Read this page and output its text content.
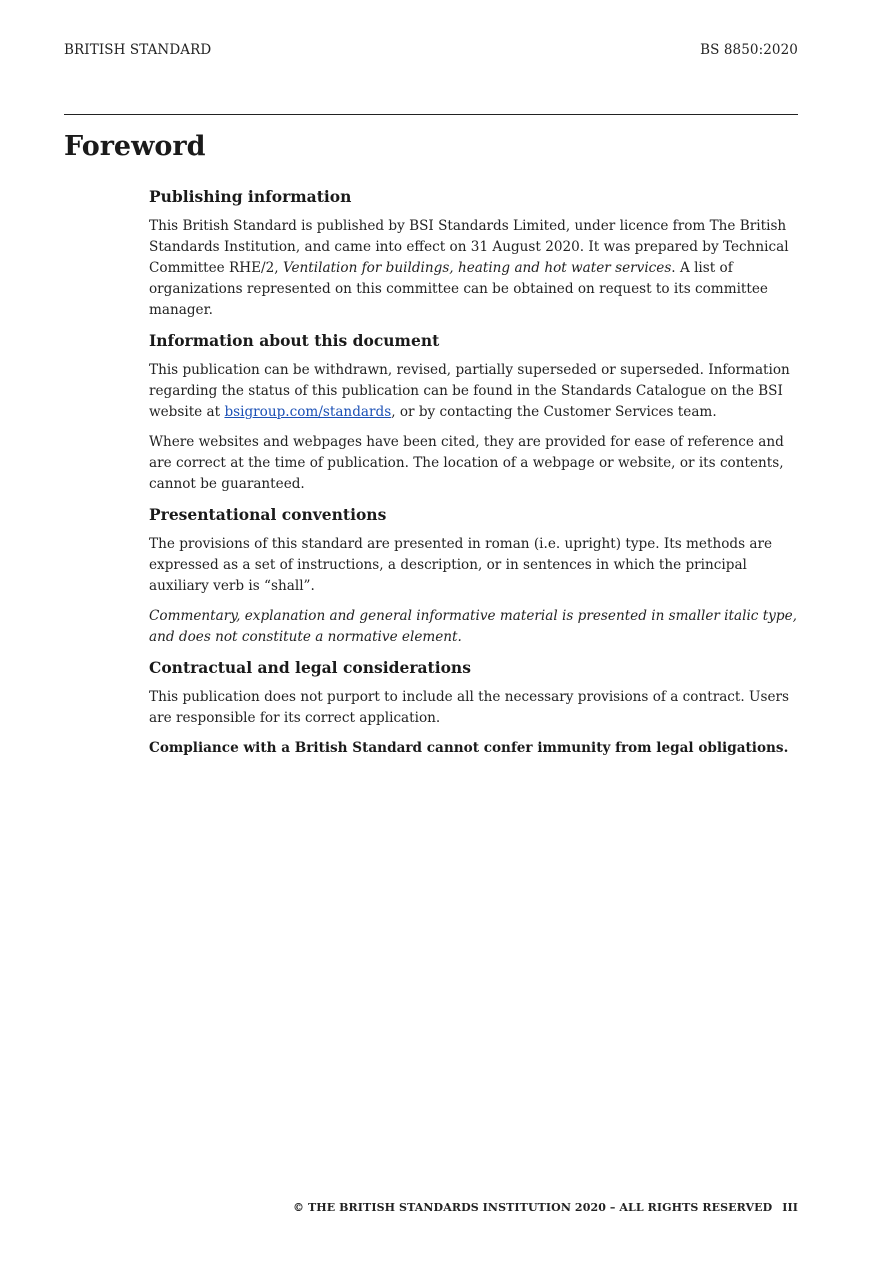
BRITISH STANDARD	BS 8850:2020
Foreword
Publishing information

This British Standard is published by BSI Standards Limited, under licence from The British Standards Institution, and came into effect on 31 August 2020. It was prepared by Technical Committee RHE/2, Ventilation for buildings, heating and hot water services. A list of organizations represented on this committee can be obtained on request to its committee manager.

Information about this document

This publication can be withdrawn, revised, partially superseded or superseded. Information regarding the status of this publication can be found in the Standards Catalogue on the BSI website at bsigroup.com/standards, or by contacting the Customer Services team.

Where websites and webpages have been cited, they are provided for ease of reference and are correct at the time of publication. The location of a webpage or website, or its contents, cannot be guaranteed.

Presentational conventions

The provisions of this standard are presented in roman (i.e. upright) type. Its methods are expressed as a set of instructions, a description, or in sentences in which the principal auxiliary verb is “shall”.

Commentary, explanation and general informative material is presented in smaller italic type, and does not constitute a normative element.

Contractual and legal considerations

This publication does not purport to include all the necessary provisions of a contract. Users are responsible for its correct application.

Compliance with a British Standard cannot confer immunity from legal obligations.

© THE BRITISH STANDARDS INSTITUTION 2020 – ALL RIGHTS RESERVED III
